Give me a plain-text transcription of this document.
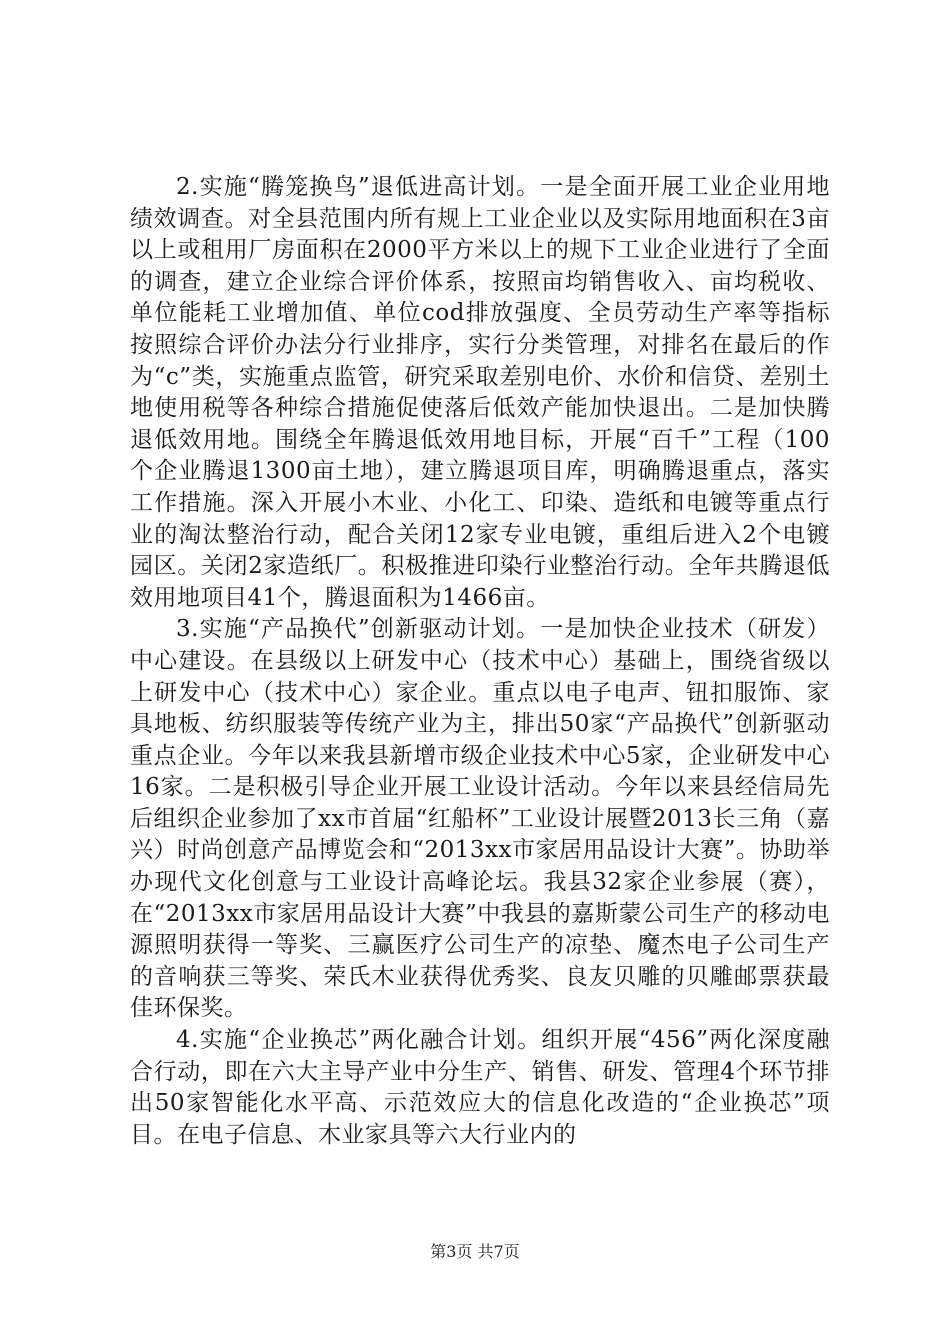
2.实施“腾笼换鸟”退低进高计划。一是全面开展工业企业用地绩效调查。对全县范围内所有规上工业企业以及实际用地面积在3亩以上或租用厂房面积在2000平方米以上的规下工业企业进行了全面的调查，建立企业综合评价体系，按照亩均销售收入、亩均税收、单位能耗工业增加值、单位cod排放强度、全员劳动生产率等指标按照综合评价办法分行业排序，实行分类管理，对排名在最后的作为“c”类，实施重点监管，研究采取差别电价、水价和信贷、差别土地使用税等各种综合措施促使落后低效产能加快退出。二是加快腾退低效用地。围绕全年腾退低效用地目标，开展“百千”工程（100个企业腾退1300亩土地），建立腾退项目库，明确腾退重点，落实工作措施。深入开展小木业、小化工、印染、造纸和电镀等重点行业的淘汰整治行动，配合关闭12家专业电镀，重组后进入2个电镀园区。关闭2家造纸厂。积极推进印染行业整治行动。全年共腾退低效用地项目41个，腾退面积为1466亩。

3.实施“产品换代”创新驱动计划。一是加快企业技术（研发）中心建设。在县级以上研发中心（技术中心）基础上，围绕省级以上研发中心（技术中心）家企业。重点以电子电声、钮扣服饰、家具地板、纺织服装等传统产业为主，排出50家“产品换代”创新驱动重点企业。今年以来我县新增市级企业技术中心5家，企业研发中心16家。二是积极引导企业开展工业设计活动。今年以来县经信局先后组织企业参加了xx市首届“红船杯”工业设计展暨2013长三角（嘉兴）时尚创意产品博览会和“2013xx市家居用品设计大赛”。协助举办现代文化创意与工业设计高峰论坛。我县32家企业参展（赛），在“2013xx市家居用品设计大赛”中我县的嘉斯蒙公司生产的移动电源照明获得一等奖、三赢医疗公司生产的凉垫、魔杰电子公司生产的音响获三等奖、荣氏木业获得优秀奖、良友贝雕的贝雕邮票获最佳环保奖。

4.实施“企业换芯”两化融合计划。组织开展“456”两化深度融合行动，即在六大主导产业中分生产、销售、研发、管理4个环节排出50家智能化水平高、示范效应大的信息化改造的“企业换芯”项目。在电子信息、木业家具等六大行业内的

第3页 共7页
